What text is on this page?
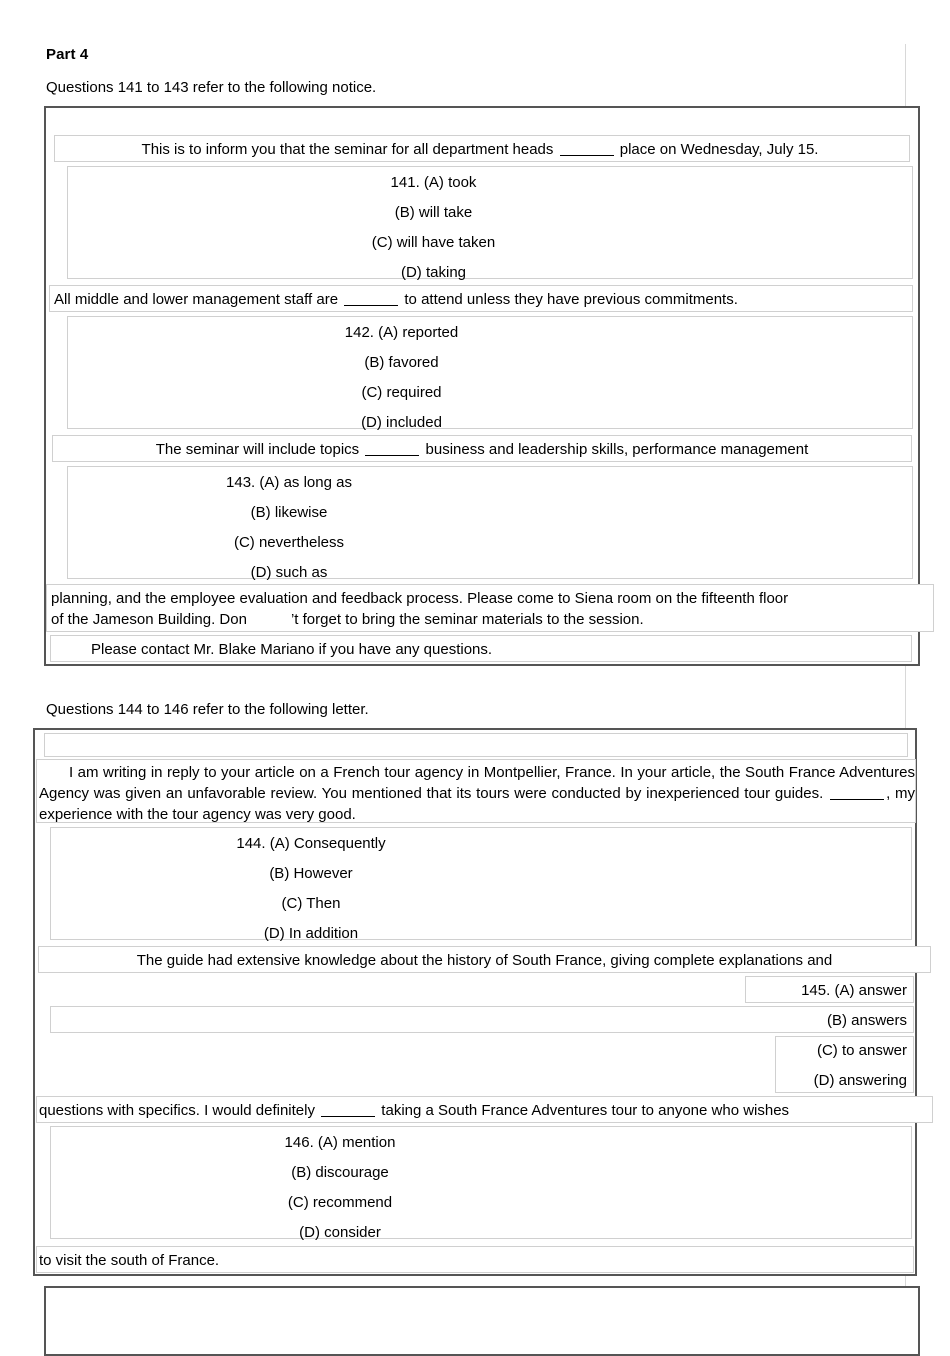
Part 4
Questions 141 to 143 refer to the following notice.
This is to inform you that the seminar for all department heads	place on Wednesday, July 15.
141. (A) took
(B) will take
(C) will have taken
(D) taking
All middle and lower management staff are	to attend unless they have previous commitments.
142. (A) reported
(B) favored
(C) required
(D) included
The seminar will include topics	business and leadership skills, performance management
143. (A) as long as
(B) likewise
(C) nevertheless
(D) such as
planning, and the employee evaluation and feedback process. Please come to Siena room on the fifteenth floor
of the Jameson Building. Don	’t forget to bring the seminar materials to the session.
Please contact Mr. Blake Mariano if you have any questions.
Questions 144 to 146 refer to the following letter.
I am writing in reply to your article on a French tour agency in Montpellier, France. In your article, the South France Adventures Agency was given an unfavorable review. You mentioned that its tours were conducted by inexperienced tour guides.	, my experience with the tour agency was very good.
144. (A) Consequently
(B) However
(C) Then
(D) In addition
The guide had extensive knowledge about the history of South France, giving complete explanations and
145. (A) answer
(B) answers
(C) to answer
(D) answering
questions with specifics. I would definitely	taking a South France Adventures tour to anyone who wishes
146. (A) mention
(B) discourage
(C) recommend
(D) consider
to visit the south of France.
